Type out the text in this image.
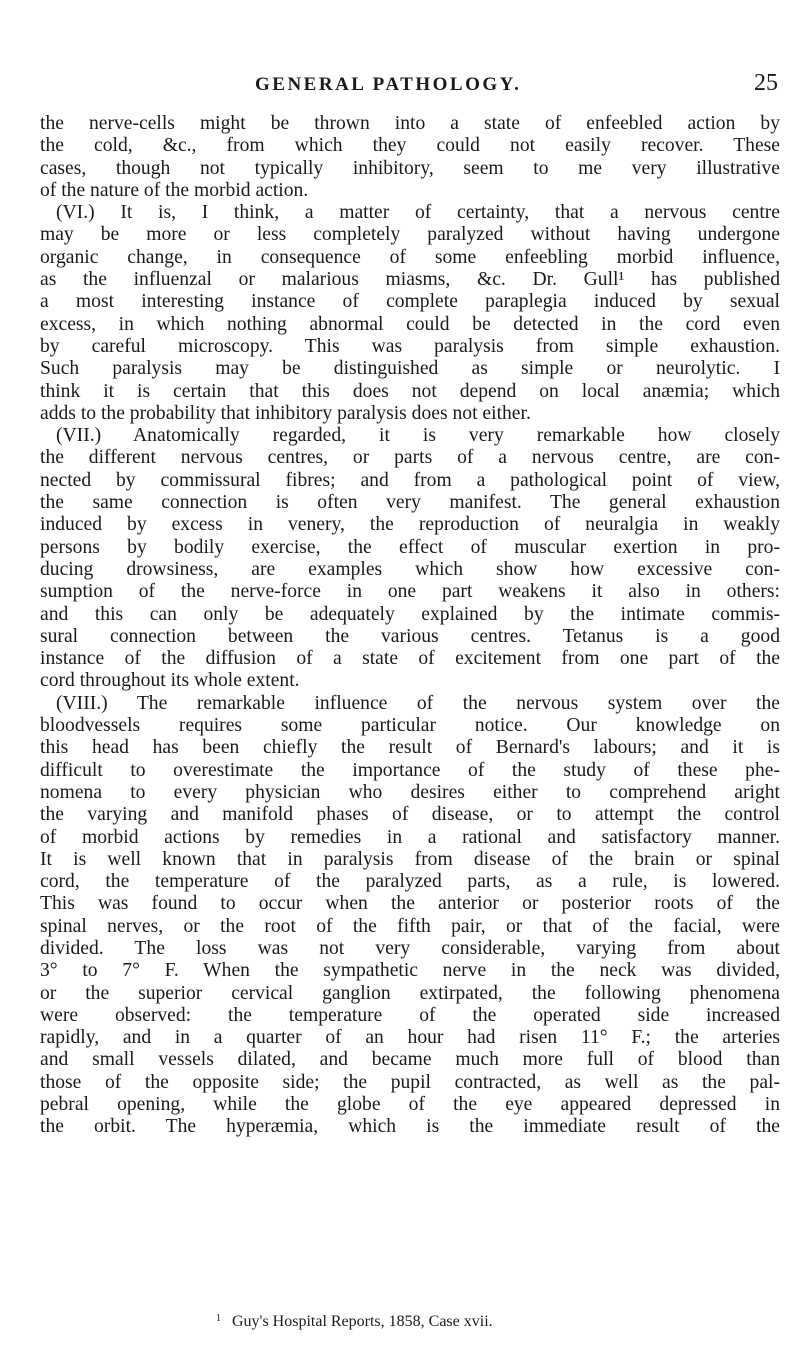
GENERAL PATHOLOGY.	25
the nerve-cells might be thrown into a state of enfeebled action by
the cold, &c., from which they could not easily recover. These
cases, though not typically inhibitory, seem to me very illustrative
of the nature of the morbid action.
(VI.) It is, I think, a matter of certainty, that a nervous centre
may be more or less completely paralyzed without having undergone
organic change, in consequence of some enfeebling morbid influence,
as the influenzal or malarious miasms, &c. Dr. Gull¹ has published
a most interesting instance of complete paraplegia induced by sexual
excess, in which nothing abnormal could be detected in the cord even
by careful microscopy. This was paralysis from simple exhaustion.
Such paralysis may be distinguished as simple or neurolytic. I
think it is certain that this does not depend on local anæmia; which
adds to the probability that inhibitory paralysis does not either.
(VII.) Anatomically regarded, it is very remarkable how closely
the different nervous centres, or parts of a nervous centre, are con-
nected by commissural fibres; and from a pathological point of view,
the same connection is often very manifest. The general exhaustion
induced by excess in venery, the reproduction of neuralgia in weakly
persons by bodily exercise, the effect of muscular exertion in pro-
ducing drowsiness, are examples which show how excessive con-
sumption of the nerve-force in one part weakens it also in others:
and this can only be adequately explained by the intimate commis-
sural connection between the various centres. Tetanus is a good
instance of the diffusion of a state of excitement from one part of the
cord throughout its whole extent.
(VIII.) The remarkable influence of the nervous system over the
bloodvessels requires some particular notice. Our knowledge on
this head has been chiefly the result of Bernard's labours; and it is
difficult to overestimate the importance of the study of these phe-
nomena to every physician who desires either to comprehend aright
the varying and manifold phases of disease, or to attempt the control
of morbid actions by remedies in a rational and satisfactory manner.
It is well known that in paralysis from disease of the brain or spinal
cord, the temperature of the paralyzed parts, as a rule, is lowered.
This was found to occur when the anterior or posterior roots of the
spinal nerves, or the root of the fifth pair, or that of the facial, were
divided. The loss was not very considerable, varying from about
3° to 7° F. When the sympathetic nerve in the neck was divided,
or the superior cervical ganglion extirpated, the following phenomena
were observed: the temperature of the operated side increased
rapidly, and in a quarter of an hour had risen 11° F.; the arteries
and small vessels dilated, and became much more full of blood than
those of the opposite side; the pupil contracted, as well as the pal-
pebral opening, while the globe of the eye appeared depressed in
the orbit. The hyperæmia, which is the immediate result of the
1 Guy's Hospital Reports, 1858, Case xvii.
